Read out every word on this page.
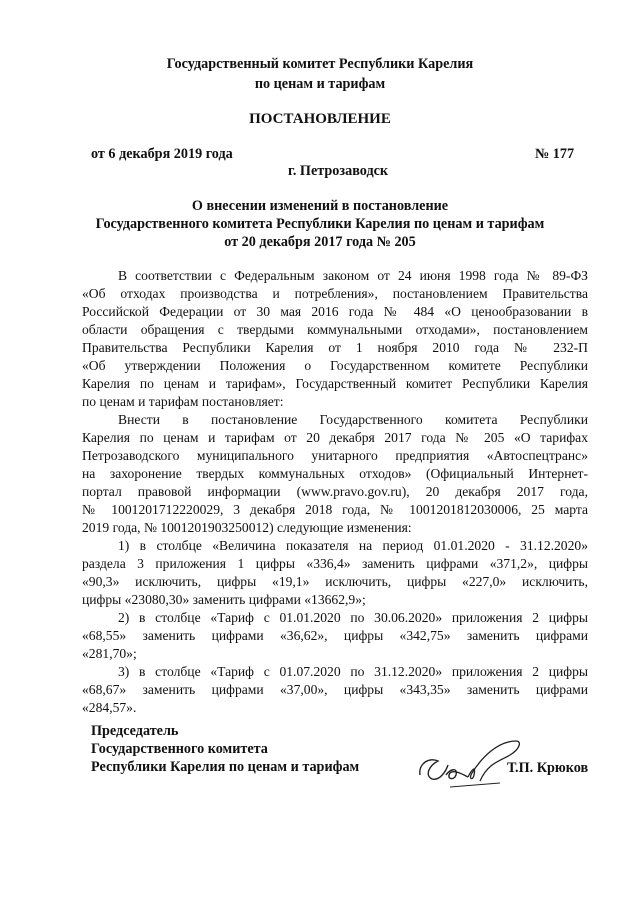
Государственный комитет Республики Карелия
по ценам и тарифам
ПОСТАНОВЛЕНИЕ
от 6 декабря 2019 года	№ 177
г. Петрозаводск
О внесении изменений в постановление
Государственного комитета Республики Карелия по ценам и тарифам
от 20 декабря 2017 года № 205
В соответствии с Федеральным законом от 24 июня 1998 года № 89-ФЗ
«Об отходах производства и потребления», постановлением Правительства
Российской Федерации от 30 мая 2016 года № 484 «О ценообразовании в
области обращения с твердыми коммунальными отходами», постановлением
Правительства Республики Карелия от 1 ноября 2010 года № 232-П
«Об утверждении Положения о Государственном комитете Республики
Карелия по ценам и тарифам», Государственный комитет Республики Карелия
по ценам и тарифам постановляет:
Внести в постановление Государственного комитета Республики
Карелия по ценам и тарифам от 20 декабря 2017 года № 205 «О тарифах
Петрозаводского муниципального унитарного предприятия «Автоспецтранс»
на захоронение твердых коммунальных отходов» (Официальный Интернет-
портал правовой информации (www.pravo.gov.ru), 20 декабря 2017 года,
№ 1001201712220029, 3 декабря 2018 года, № 1001201812030006, 25 марта
2019 года, № 1001201903250012) следующие изменения:
1) в столбце «Величина показателя на период 01.01.2020 - 31.12.2020»
раздела 3 приложения 1 цифры «336,4» заменить цифрами «371,2», цифры
«90,3» исключить, цифры «19,1» исключить, цифры «227,0» исключить,
цифры «23080,30» заменить цифрами «13662,9»;
2) в столбце «Тариф с 01.01.2020 по 30.06.2020» приложения 2 цифры
«68,55» заменить цифрами «36,62», цифры «342,75» заменить цифрами
«281,70»;
3) в столбце «Тариф с 01.07.2020 по 31.12.2020» приложения 2 цифры
«68,67» заменить цифрами «37,00», цифры «343,35» заменить цифрами
«284,57».
Председатель
Государственного комитета
Республики Карелия по ценам и тарифам	Т.П. Крюков
